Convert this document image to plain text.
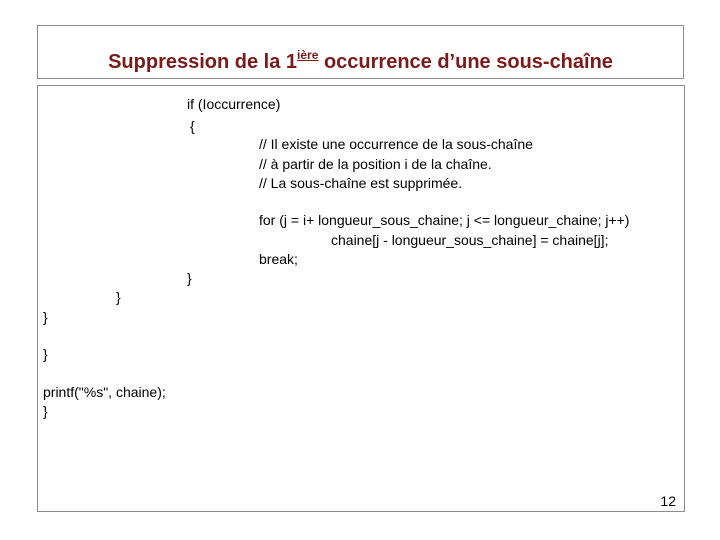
Suppression de la $1^{ière}$ occurrence d’une sous-chaîne
if (Ioccurrence)
{
// Il existe une occurrence de la sous-chaîne
// à partir de la position i de la chaîne.
// La sous-chaîne est supprimée.
for (j = i+ longueur_sous_chaine; j <= longueur_chaine; j++)
chaine[j - longueur_sous_chaine] = chaine[j];
break;
}
}
}
}
printf("%s", chaine);
}
12
